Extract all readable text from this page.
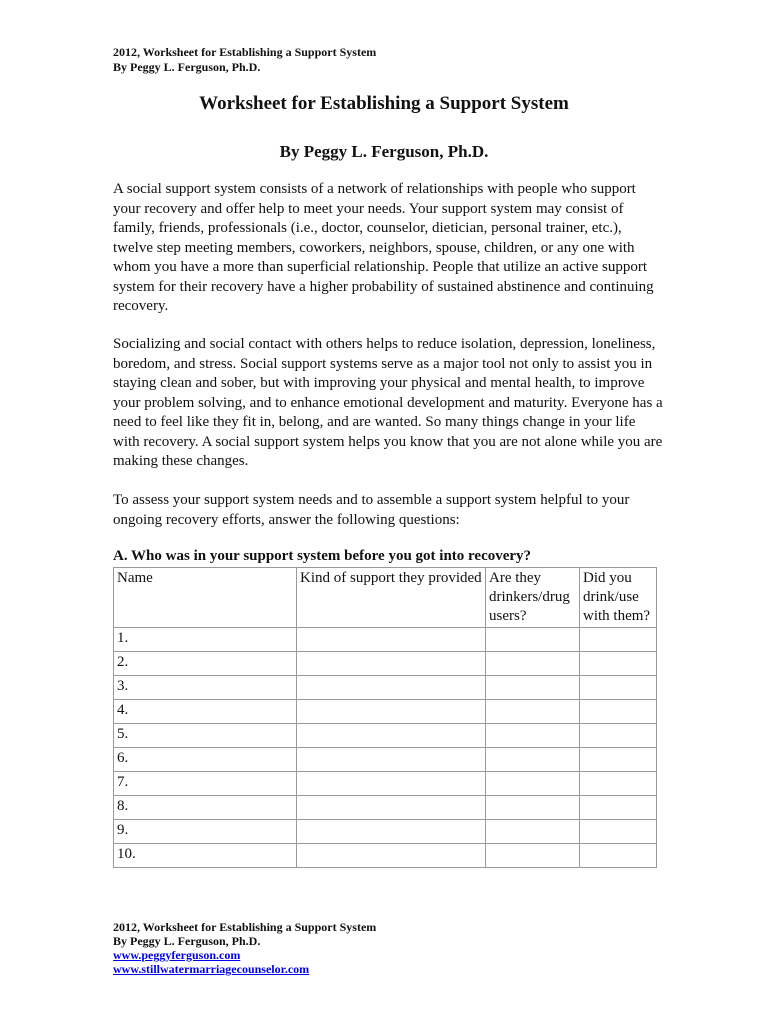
2012, Worksheet for Establishing a Support System
By Peggy L. Ferguson, Ph.D.
Worksheet for Establishing a Support System
By Peggy L. Ferguson, Ph.D.

A social support system consists of a network of relationships with people who support your recovery and offer help to meet your needs. Your support system may consist of family, friends, professionals (i.e., doctor, counselor, dietician, personal trainer, etc.), twelve step meeting members, coworkers, neighbors, spouse, children, or any one with whom you have a more than superficial relationship. People that utilize an active support system for their recovery have a higher probability of sustained abstinence and continuing recovery.

Socializing and social contact with others helps to reduce isolation, depression, loneliness, boredom, and stress. Social support systems serve as a major tool not only to assist you in staying clean and sober, but with improving your physical and mental health, to improve your problem solving, and to enhance emotional development and maturity. Everyone has a need to feel like they fit in, belong, and are wanted. So many things change in your life with recovery. A social support system helps you know that you are not alone while you are making these changes.

To assess your support system needs and to assemble a support system helpful to your ongoing recovery efforts, answer the following questions:

A. Who was in your support system before you got into recovery?
Name	Kind of support they provided	Are they drinkers/drug users?	Did you drink/use with them?
1.			
2.			
3.			
4.			
5.			
6.			
7.			
8.			
9.			
10.			
2012, Worksheet for Establishing a Support System
By Peggy L. Ferguson, Ph.D.
www.peggyferguson.com
www.stillwatermarriagecounselor.com
